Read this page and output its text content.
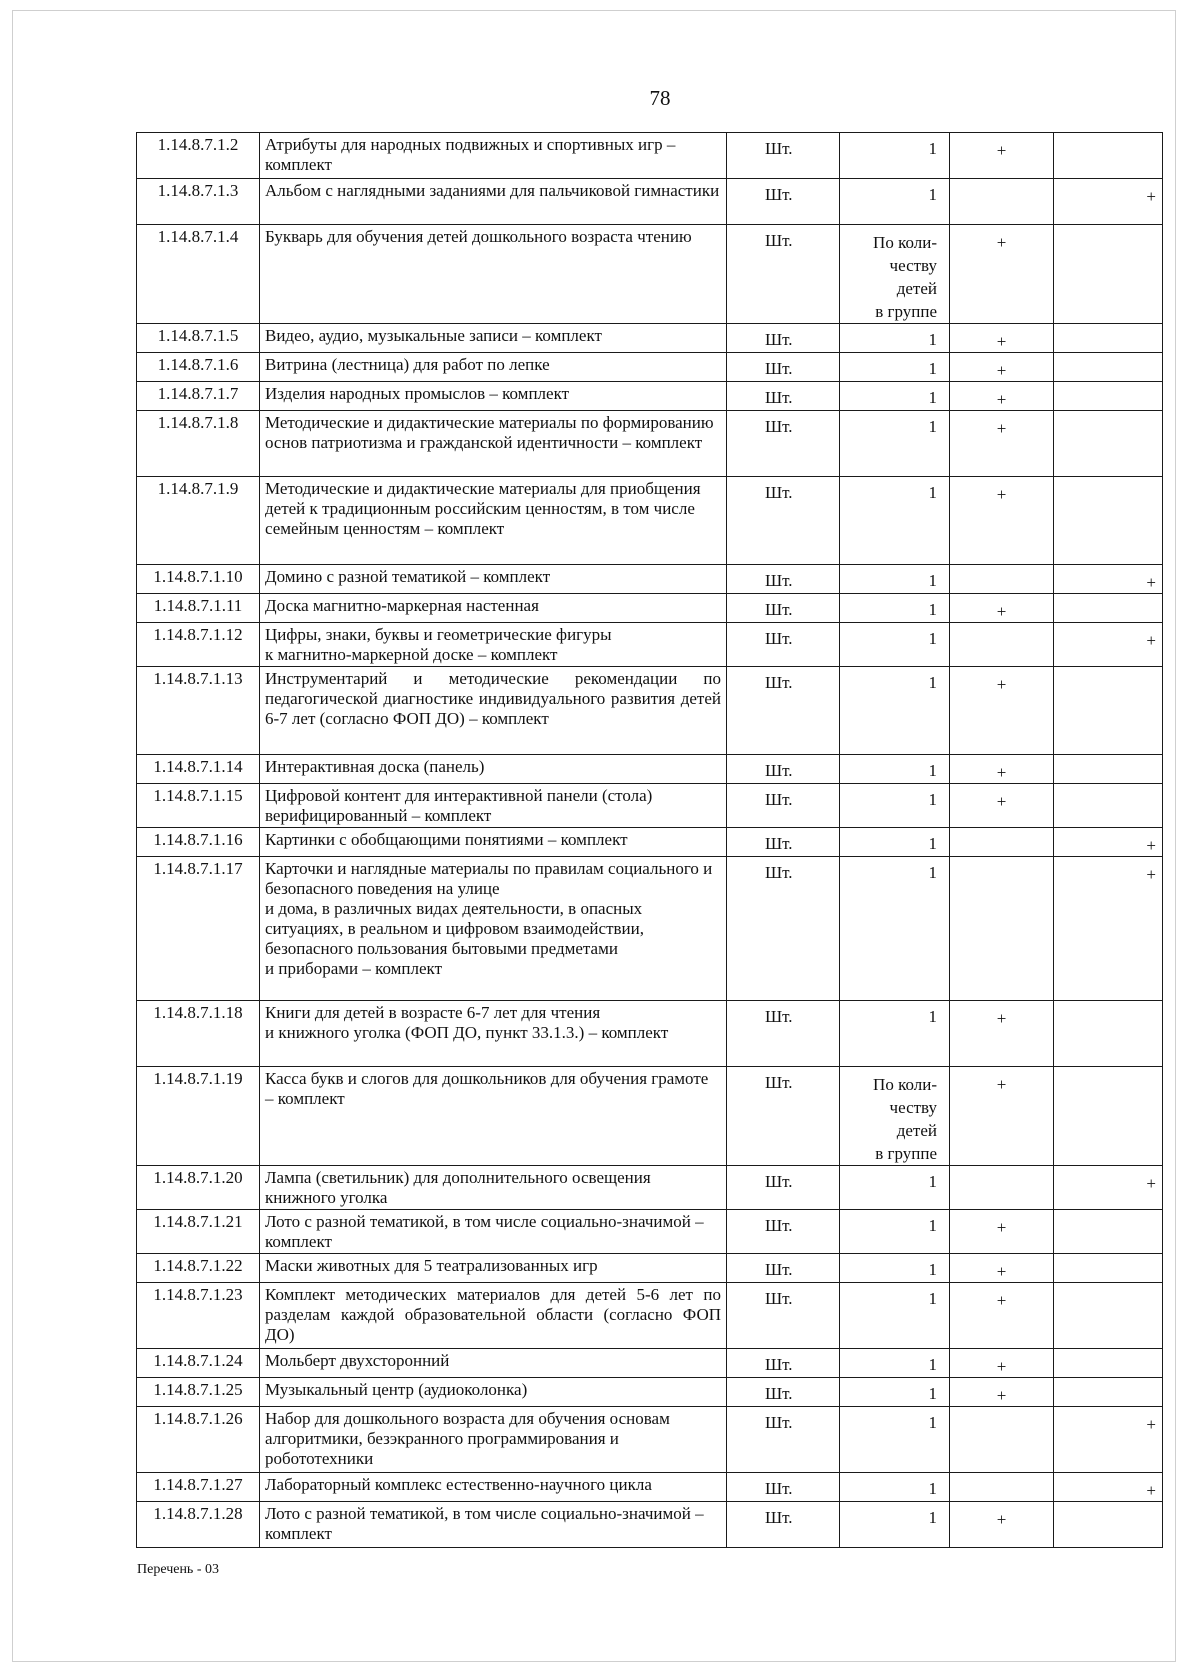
78
1.14.8.7.1.2	Атрибуты для народных подвижных и спортивных игр – комплект	Шт.	1	+	
1.14.8.7.1.3	Альбом с наглядными заданиями для пальчиковой гимнастики	Шт.	1		+
1.14.8.7.1.4	Букварь для обучения детей дошкольного возраста чтению	Шт.	По коли-
честву
детей
в группе	+	
1.14.8.7.1.5	Видео, аудио, музыкальные записи – комплект	Шт.	1	+	
1.14.8.7.1.6	Витрина (лестница) для работ по лепке	Шт.	1	+	
1.14.8.7.1.7	Изделия народных промыслов – комплект	Шт.	1	+	
1.14.8.7.1.8	Методические и дидактические материалы по формированию основ патриотизма и гражданской идентичности – комплект	Шт.	1	+	
1.14.8.7.1.9	Методические и дидактические материалы для приобщения детей к традиционным российским ценностям, в том числе семейным ценностям – комплект	Шт.	1	+	
1.14.8.7.1.10	Домино с разной тематикой – комплект	Шт.	1		+
1.14.8.7.1.11	Доска магнитно-маркерная настенная	Шт.	1	+	
1.14.8.7.1.12	Цифры, знаки, буквы и геометрические фигуры
к магнитно-маркерной доске – комплект	Шт.	1		+
1.14.8.7.1.13	Инструментарий и методические рекомендации по педагогической диагностике индивидуального развития детей 6-7 лет (согласно ФОП ДО) – комплект	Шт.	1	+	
1.14.8.7.1.14	Интерактивная доска (панель)	Шт.	1	+	
1.14.8.7.1.15	Цифровой контент для интерактивной панели (стола) верифицированный – комплект	Шт.	1	+	
1.14.8.7.1.16	Картинки с обобщающими понятиями – комплект	Шт.	1		+
1.14.8.7.1.17	Карточки и наглядные материалы по правилам социального и безопасного поведения на улице
и дома, в различных видах деятельности, в опасных ситуациях, в реальном и цифровом взаимодействии, безопасного пользования бытовыми предметами
и приборами – комплект	Шт.	1		+
1.14.8.7.1.18	Книги для детей в возрасте 6-7 лет для чтения
и книжного уголка (ФОП ДО, пункт 33.1.3.) – комплект	Шт.	1	+	
1.14.8.7.1.19	Касса букв и слогов для дошкольников для обучения грамоте – комплект	Шт.	По коли-
честву
детей
в группе	+	
1.14.8.7.1.20	Лампа (светильник) для дополнительного освещения книжного уголка	Шт.	1		+
1.14.8.7.1.21	Лото с разной тематикой, в том числе социально-значимой – комплект	Шт.	1	+	
1.14.8.7.1.22	Маски животных для 5 театрализованных игр	Шт.	1	+	
1.14.8.7.1.23	Комплект методических материалов для детей 5-6 лет по разделам каждой образовательной области (согласно ФОП ДО)	Шт.	1	+	
1.14.8.7.1.24	Мольберт двухсторонний	Шт.	1	+	
1.14.8.7.1.25	Музыкальный центр (аудиоколонка)	Шт.	1	+	
1.14.8.7.1.26	Набор для дошкольного возраста для обучения основам алгоритмики, безэкранного программирования и робототехники	Шт.	1		+
1.14.8.7.1.27	Лабораторный комплекс естественно-научного цикла	Шт.	1		+
1.14.8.7.1.28	Лото с разной тематикой, в том числе социально-значимой – комплект	Шт.	1	+	
Перечень - 03
